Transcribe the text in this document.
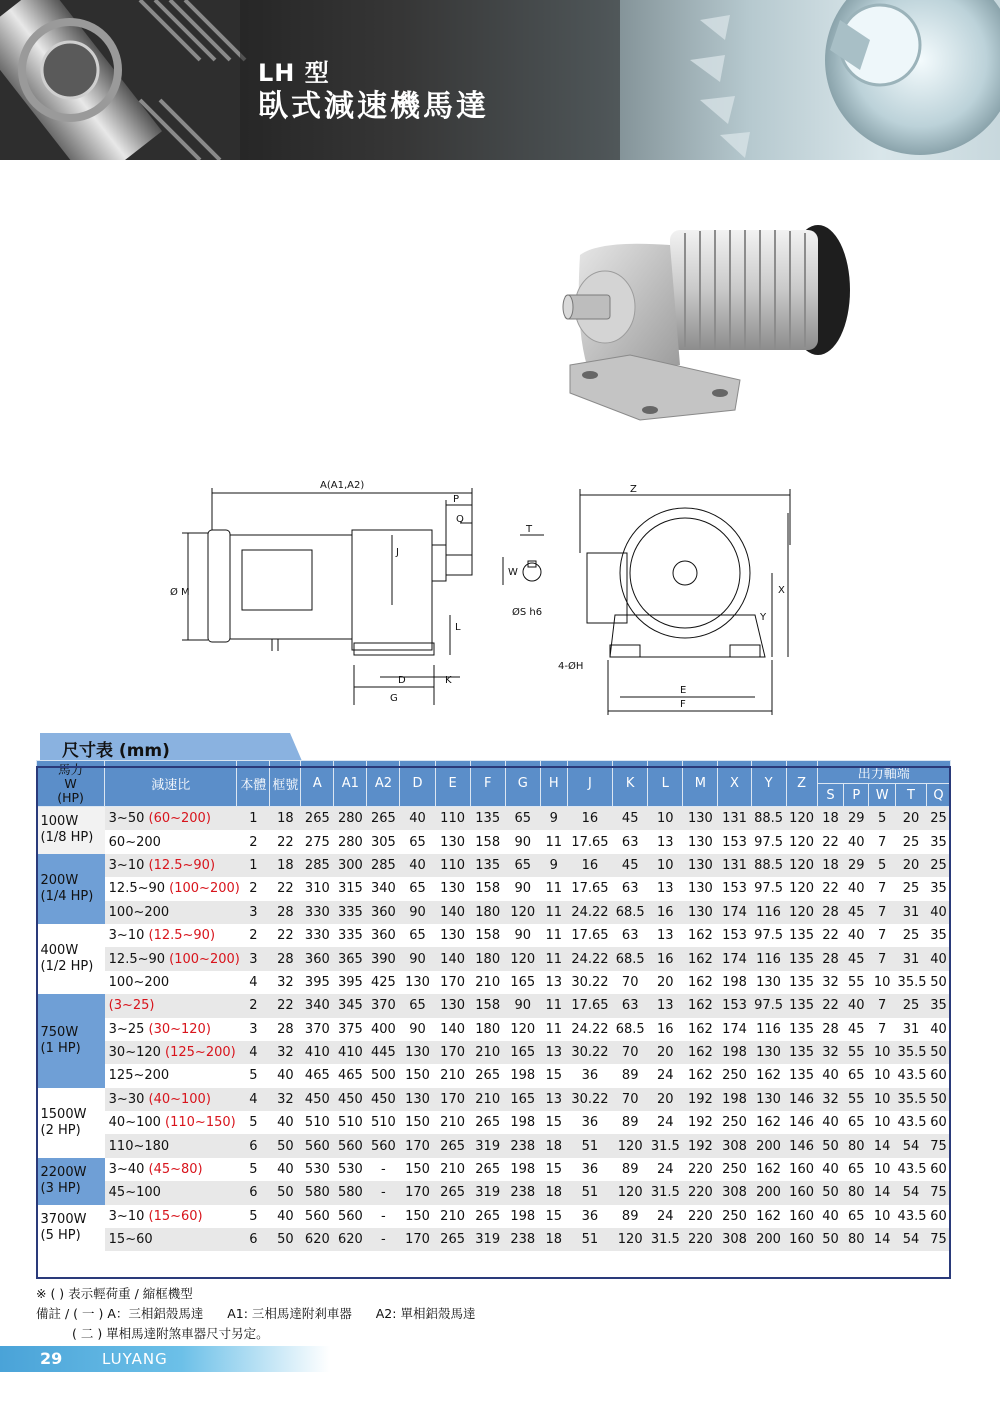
LH 型
臥式減速機馬達
A(A1,A2)
P
Q
T
Z
J
W
ØS h6
L
D	K
G
Ø M
4-ØH
E
F
X
Y
尺寸表 (mm)
馬力
W
(HP)	減速比	本體	框號	A	A1	A2	D	E	F	G	H	J	K	L	M	X	Y	Z	出力軸端				
																			S	P	W	T	Q
100W
(1/8 HP)	3~50 (60~200)	1	18	265	280	265	40	110	135	65	9	16	45	10	130	131	88.5	120	18	29	5	20	25
	60~200	2	22	275	280	305	65	130	158	90	11	17.65	63	13	130	153	97.5	120	22	40	7	25	35
200W
(1/4 HP)	3~10 (12.5~90)	1	18	285	300	285	40	110	135	65	9	16	45	10	130	131	88.5	120	18	29	5	20	25
	12.5~90 (100~200)	2	22	310	315	340	65	130	158	90	11	17.65	63	13	130	153	97.5	120	22	40	7	25	35
	100~200	3	28	330	335	360	90	140	180	120	11	24.22	68.5	16	130	174	116	120	28	45	7	31	40
400W
(1/2 HP)	3~10 (12.5~90)	2	22	330	335	360	65	130	158	90	11	17.65	63	13	162	153	97.5	135	22	40	7	25	35
	12.5~90 (100~200)	3	28	360	365	390	90	140	180	120	11	24.22	68.5	16	162	174	116	135	28	45	7	31	40
	100~200	4	32	395	395	425	130	170	210	165	13	30.22	70	20	162	198	130	135	32	55	10	35.5	50
750W
(1 HP)	(3~25)	2	22	340	345	370	65	130	158	90	11	17.65	63	13	162	153	97.5	135	22	40	7	25	35
	3~25 (30~120)	3	28	370	375	400	90	140	180	120	11	24.22	68.5	16	162	174	116	135	28	45	7	31	40
	30~120 (125~200)	4	32	410	410	445	130	170	210	165	13	30.22	70	20	162	198	130	135	32	55	10	35.5	50
	125~200	5	40	465	465	500	150	210	265	198	15	36	89	24	162	250	162	135	40	65	10	43.5	60
1500W
(2 HP)	3~30 (40~100)	4	32	450	450	450	130	170	210	165	13	30.22	70	20	192	198	130	146	32	55	10	35.5	50
	40~100 (110~150)	5	40	510	510	510	150	210	265	198	15	36	89	24	192	250	162	146	40	65	10	43.5	60
	110~180	6	50	560	560	560	170	265	319	238	18	51	120	31.5	192	308	200	146	50	80	14	54	75
2200W
(3 HP)	3~40 (45~80)	5	40	530	530	-	150	210	265	198	15	36	89	24	220	250	162	160	40	65	10	43.5	60
	45~100	6	50	580	580	-	170	265	319	238	18	51	120	31.5	220	308	200	160	50	80	14	54	75
3700W
(5 HP)	3~10 (15~60)	5	40	560	560	-	150	210	265	198	15	36	89	24	220	250	162	160	40	65	10	43.5	60
	15~60	6	50	620	620	-	170	265	319	238	18	51	120	31.5	220	308	200	160	50	80	14	54	75
※ ( ) 表示輕荷重 / 縮框機型
備註 / ( 一 ) A：三相鋁殼馬達      A1: 三相馬達附剎車器      A2: 單相鋁殼馬達
( 二 ) 單相馬達附煞車器尺寸另定。
29	LUYANG
